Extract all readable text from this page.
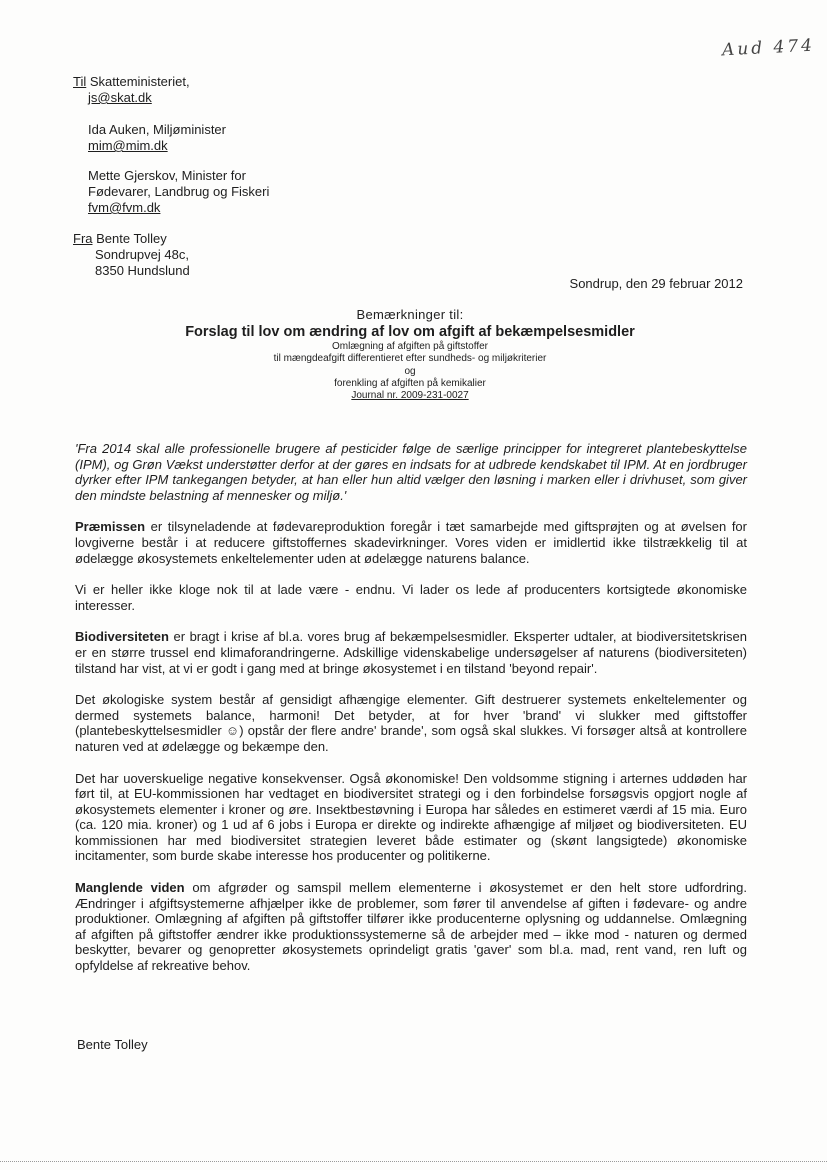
Aud 474
Til Skatteministeriet,
js@skat.dk
Ida Auken, Miljøminister
mim@mim.dk
Mette Gjerskov, Minister for
Fødevarer, Landbrug og Fiskeri
fvm@fvm.dk
Fra Bente Tolley
Sondrupvej 48c,
8350 Hundslund
Sondrup, den 29 februar 2012
Bemærkninger til:
Forslag til lov om ændring af lov om afgift af bekæmpelsesmidler
Omlægning af afgiften på giftstoffer
til mængdeafgift differentieret efter sundheds- og miljøkriterier
og
forenkling af afgiften på kemikalier
Journal nr. 2009-231-0027

'Fra 2014 skal alle professionelle brugere af pesticider følge de særlige principper for integreret plantebeskyttelse (IPM), og Grøn Vækst understøtter derfor at der gøres en indsats for at udbrede kendskabet til IPM. At en jordbruger dyrker efter IPM tankegangen betyder, at han eller hun altid vælger den løsning i marken eller i drivhuset, som giver den mindste belastning af mennesker og miljø.'

Præmissen er tilsyneladende at fødevareproduktion foregår i tæt samarbejde med giftsprøjten og at øvelsen for lovgiverne består i at reducere giftstoffernes skadevirkninger. Vores viden er imidlertid ikke tilstrækkelig til at ødelægge økosystemets enkeltelementer uden at ødelægge naturens balance.

Vi er heller ikke kloge nok til at lade være - endnu. Vi lader os lede af producenters kortsigtede økonomiske interesser.

Biodiversiteten er bragt i krise af bl.a. vores brug af bekæmpelsesmidler. Eksperter udtaler, at biodiversitetskrisen er en større trussel end klimaforandringerne. Adskillige videnskabelige undersøgelser af naturens (biodiversiteten) tilstand har vist, at vi er godt i gang med at bringe økosystemet i en tilstand 'beyond repair'.

Det økologiske system består af gensidigt afhængige elementer. Gift destruerer systemets enkeltelementer og dermed systemets balance, harmoni! Det betyder, at for hver 'brand' vi slukker med giftstoffer (plantebeskyttelsesmidler ☺) opstår der flere andre' brande', som også skal slukkes. Vi forsøger altså at kontrollere naturen ved at ødelægge og bekæmpe den.

Det har uoverskuelige negative konsekvenser. Også økonomiske! Den voldsomme stigning i arternes uddøden har ført til, at EU-kommissionen har vedtaget en biodiversitet strategi og i den forbindelse forsøgsvis opgjort nogle af økosystemets elementer i kroner og øre. Insektbestøvning i Europa har således en estimeret værdi af 15 mia. Euro (ca. 120 mia. kroner) og 1 ud af 6 jobs i Europa er direkte og indirekte afhængige af miljøet og biodiversiteten. EU kommissionen har med biodiversitet strategien leveret både estimater og (skønt langsigtede) økonomiske incitamenter, som burde skabe interesse hos producenter og politikerne.

Manglende viden om afgrøder og samspil mellem elementerne i økosystemet er den helt store udfordring. Ændringer i afgiftsystemerne afhjælper ikke de problemer, som fører til anvendelse af giften i fødevare- og andre produktioner. Omlægning af afgiften på giftstoffer tilfører ikke producenterne oplysning og uddannelse. Omlægning af afgiften på giftstoffer ændrer ikke produktionssystemerne så de arbejder med – ikke mod - naturen og dermed beskytter, bevarer og genopretter økosystemets oprindeligt gratis 'gaver' som bl.a. mad, rent vand, ren luft og opfyldelse af rekreative behov.

Bente Tolley
